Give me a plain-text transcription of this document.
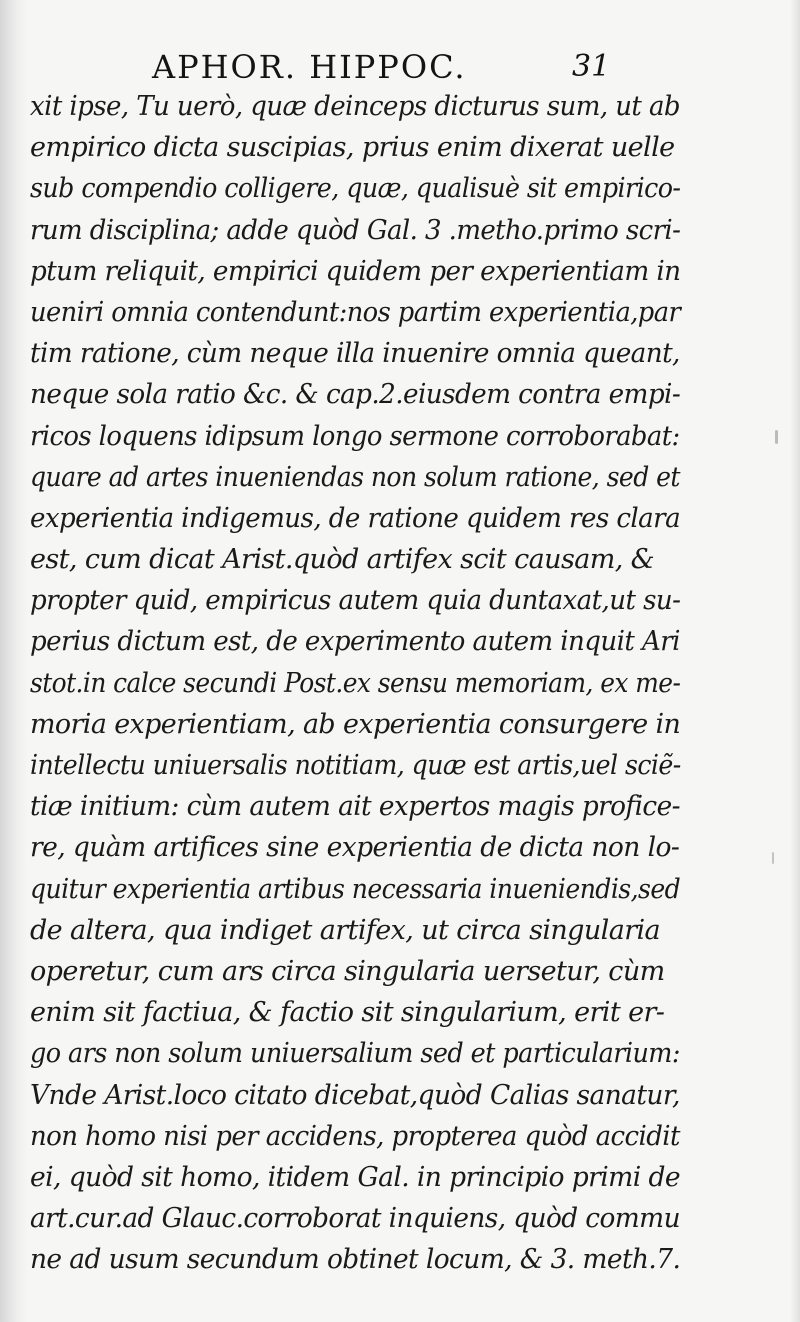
APHOR. HIPPOC.	31
xit ipse, Tu uerò, quæ deinceps dicturus sum, ut ab
empirico dicta suscipias, prius enim dixerat uelle
sub compendio colligere, quæ, qualisuè sit empirico-
rum disciplina; adde quòd Gal. 3 .metho.primo scri-
ptum reliquit, empirici quidem per experientiam in
ueniri omnia contendunt:nos partim experientia,par
tim ratione, cùm neque illa inuenire omnia queant,
neque sola ratio &c. & cap.2.eiusdem contra empi-
ricos loquens idipsum longo sermone corroborabat:
quare ad artes inueniendas non solum ratione, sed et
experientia indigemus, de ratione quidem res clara
est, cum dicat Arist.quòd artifex scit causam, &
propter quid, empiricus autem quia duntaxat,ut su-
perius dictum est, de experimento autem inquit Ari
stot.in calce secundi Post.ex sensu memoriam, ex me-
moria experientiam, ab experientia consurgere in
intellectu uniuersalis notitiam, quæ est artis,uel sciẽ-
tiæ initium: cùm autem ait expertos magis profice-
re, quàm artifices sine experientia de dicta non lo-
quitur experientia artibus necessaria inueniendis,sed
de altera, qua indiget artifex, ut circa singularia
operetur, cum ars circa singularia uersetur, cùm
enim sit factiua, & factio sit singularium, erit er-
go ars non solum uniuersalium sed et particularium:
Vnde Arist.loco citato dicebat,quòd Calias sanatur,
non homo nisi per accidens, propterea quòd accidit
ei, quòd sit homo, itidem Gal. in principio primi de
art.cur.ad Glauc.corroborat inquiens, quòd commu
ne ad usum secundum obtinet locum, & 3. meth.7.
